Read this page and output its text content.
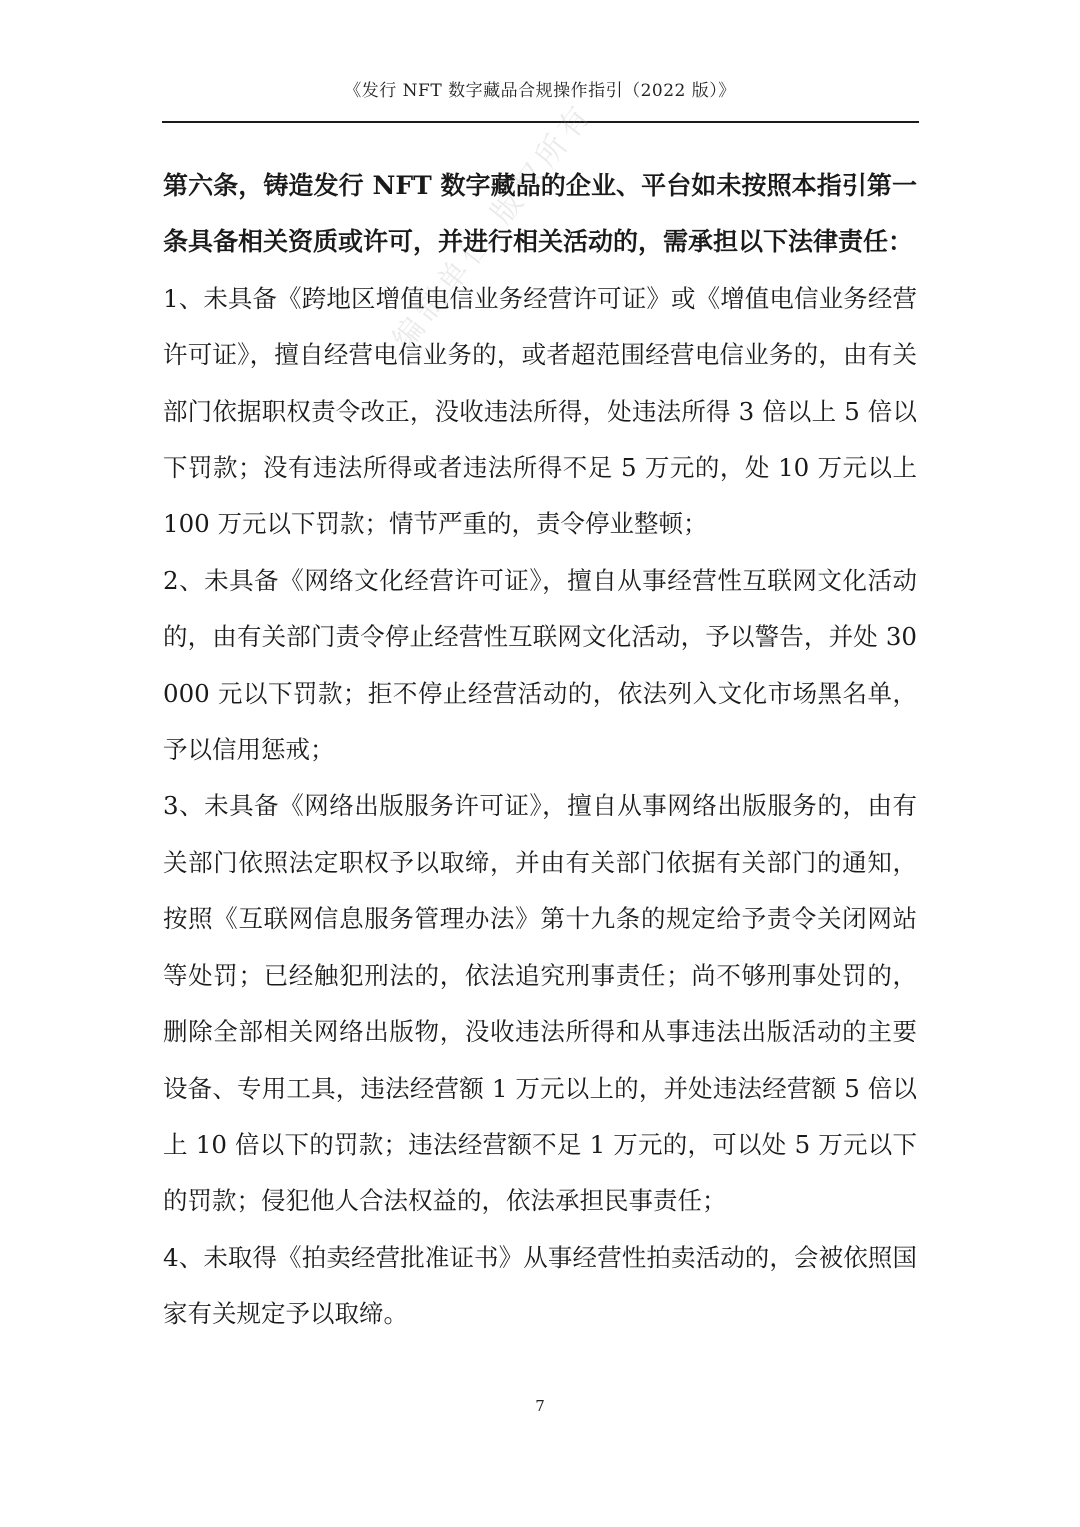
《发行 NFT 数字藏品合规操作指引（2022 版）》
编制单位 版权所有

第六条，铸造发行 NFT 数字藏品的企业、平台如未按照本指引第一条具备相关资质或许可，并进行相关活动的，需承担以下法律责任：

1、未具备《跨地区增值电信业务经营许可证》或《增值电信业务经营许可证》，擅自经营电信业务的，或者超范围经营电信业务的，由有关部门依据职权责令改正，没收违法所得，处违法所得 3 倍以上 5 倍以下罚款；没有违法所得或者违法所得不足 5 万元的，处 10 万元以上 100 万元以下罚款；情节严重的，责令停业整顿；

2、未具备《网络文化经营许可证》，擅自从事经营性互联网文化活动的，由有关部门责令停止经营性互联网文化活动，予以警告，并处 30000 元以下罚款；拒不停止经营活动的，依法列入文化市场黑名单，予以信用惩戒；

3、未具备《网络出版服务许可证》，擅自从事网络出版服务的，由有关部门依照法定职权予以取缔，并由有关部门依据有关部门的通知，按照《互联网信息服务管理办法》第十九条的规定给予责令关闭网站等处罚；已经触犯刑法的，依法追究刑事责任；尚不够刑事处罚的，删除全部相关网络出版物，没收违法所得和从事违法出版活动的主要设备、专用工具，违法经营额 1 万元以上的，并处违法经营额 5 倍以上 10 倍以下的罚款；违法经营额不足 1 万元的，可以处 5 万元以下的罚款；侵犯他人合法权益的，依法承担民事责任；

4、未取得《拍卖经营批准证书》从事经营性拍卖活动的，会被依照国家有关规定予以取缔。

7
